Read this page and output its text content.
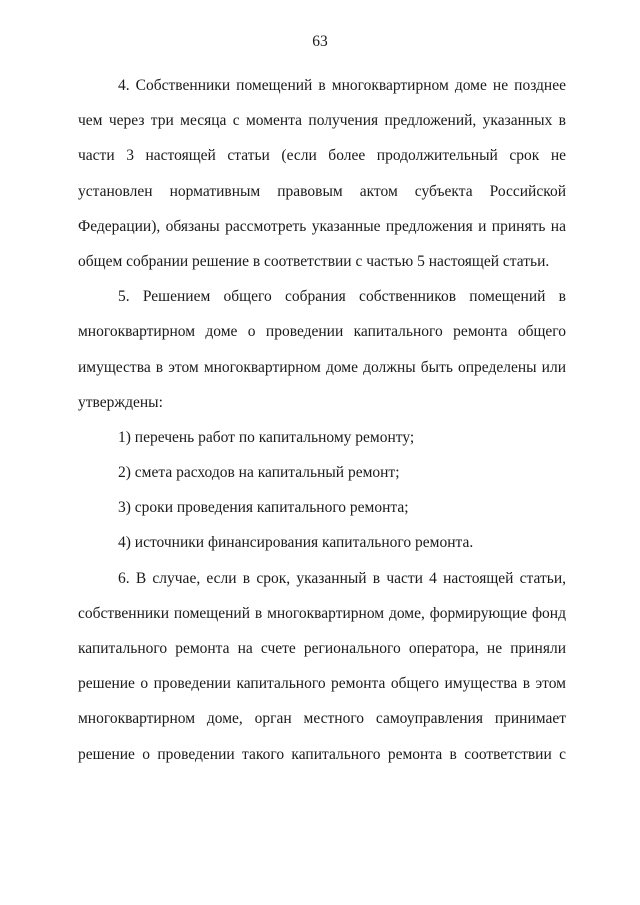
63
4. Собственники помещений в многоквартирном доме не позднее
чем через три месяца с момента получения предложений, указанных в
части 3 настоящей статьи (если более продолжительный срок не
установлен нормативным правовым актом субъекта Российской
Федерации), обязаны рассмотреть указанные предложения и принять на
общем собрании решение в соответствии с частью 5 настоящей статьи.
5. Решением общего собрания собственников помещений в
многоквартирном доме о проведении капитального ремонта общего
имущества в этом многоквартирном доме должны быть определены или
утверждены:
1) перечень работ по капитальному ремонту;
2) смета расходов на капитальный ремонт;
3) сроки проведения капитального ремонта;
4) источники финансирования капитального ремонта.
6. В случае, если в срок, указанный в части 4 настоящей статьи,
собственники помещений в многоквартирном доме, формирующие фонд
капитального ремонта на счете регионального оператора, не приняли
решение о проведении капитального ремонта общего имущества в этом
многоквартирном доме, орган местного самоуправления принимает
решение о проведении такого капитального ремонта в соответствии с
